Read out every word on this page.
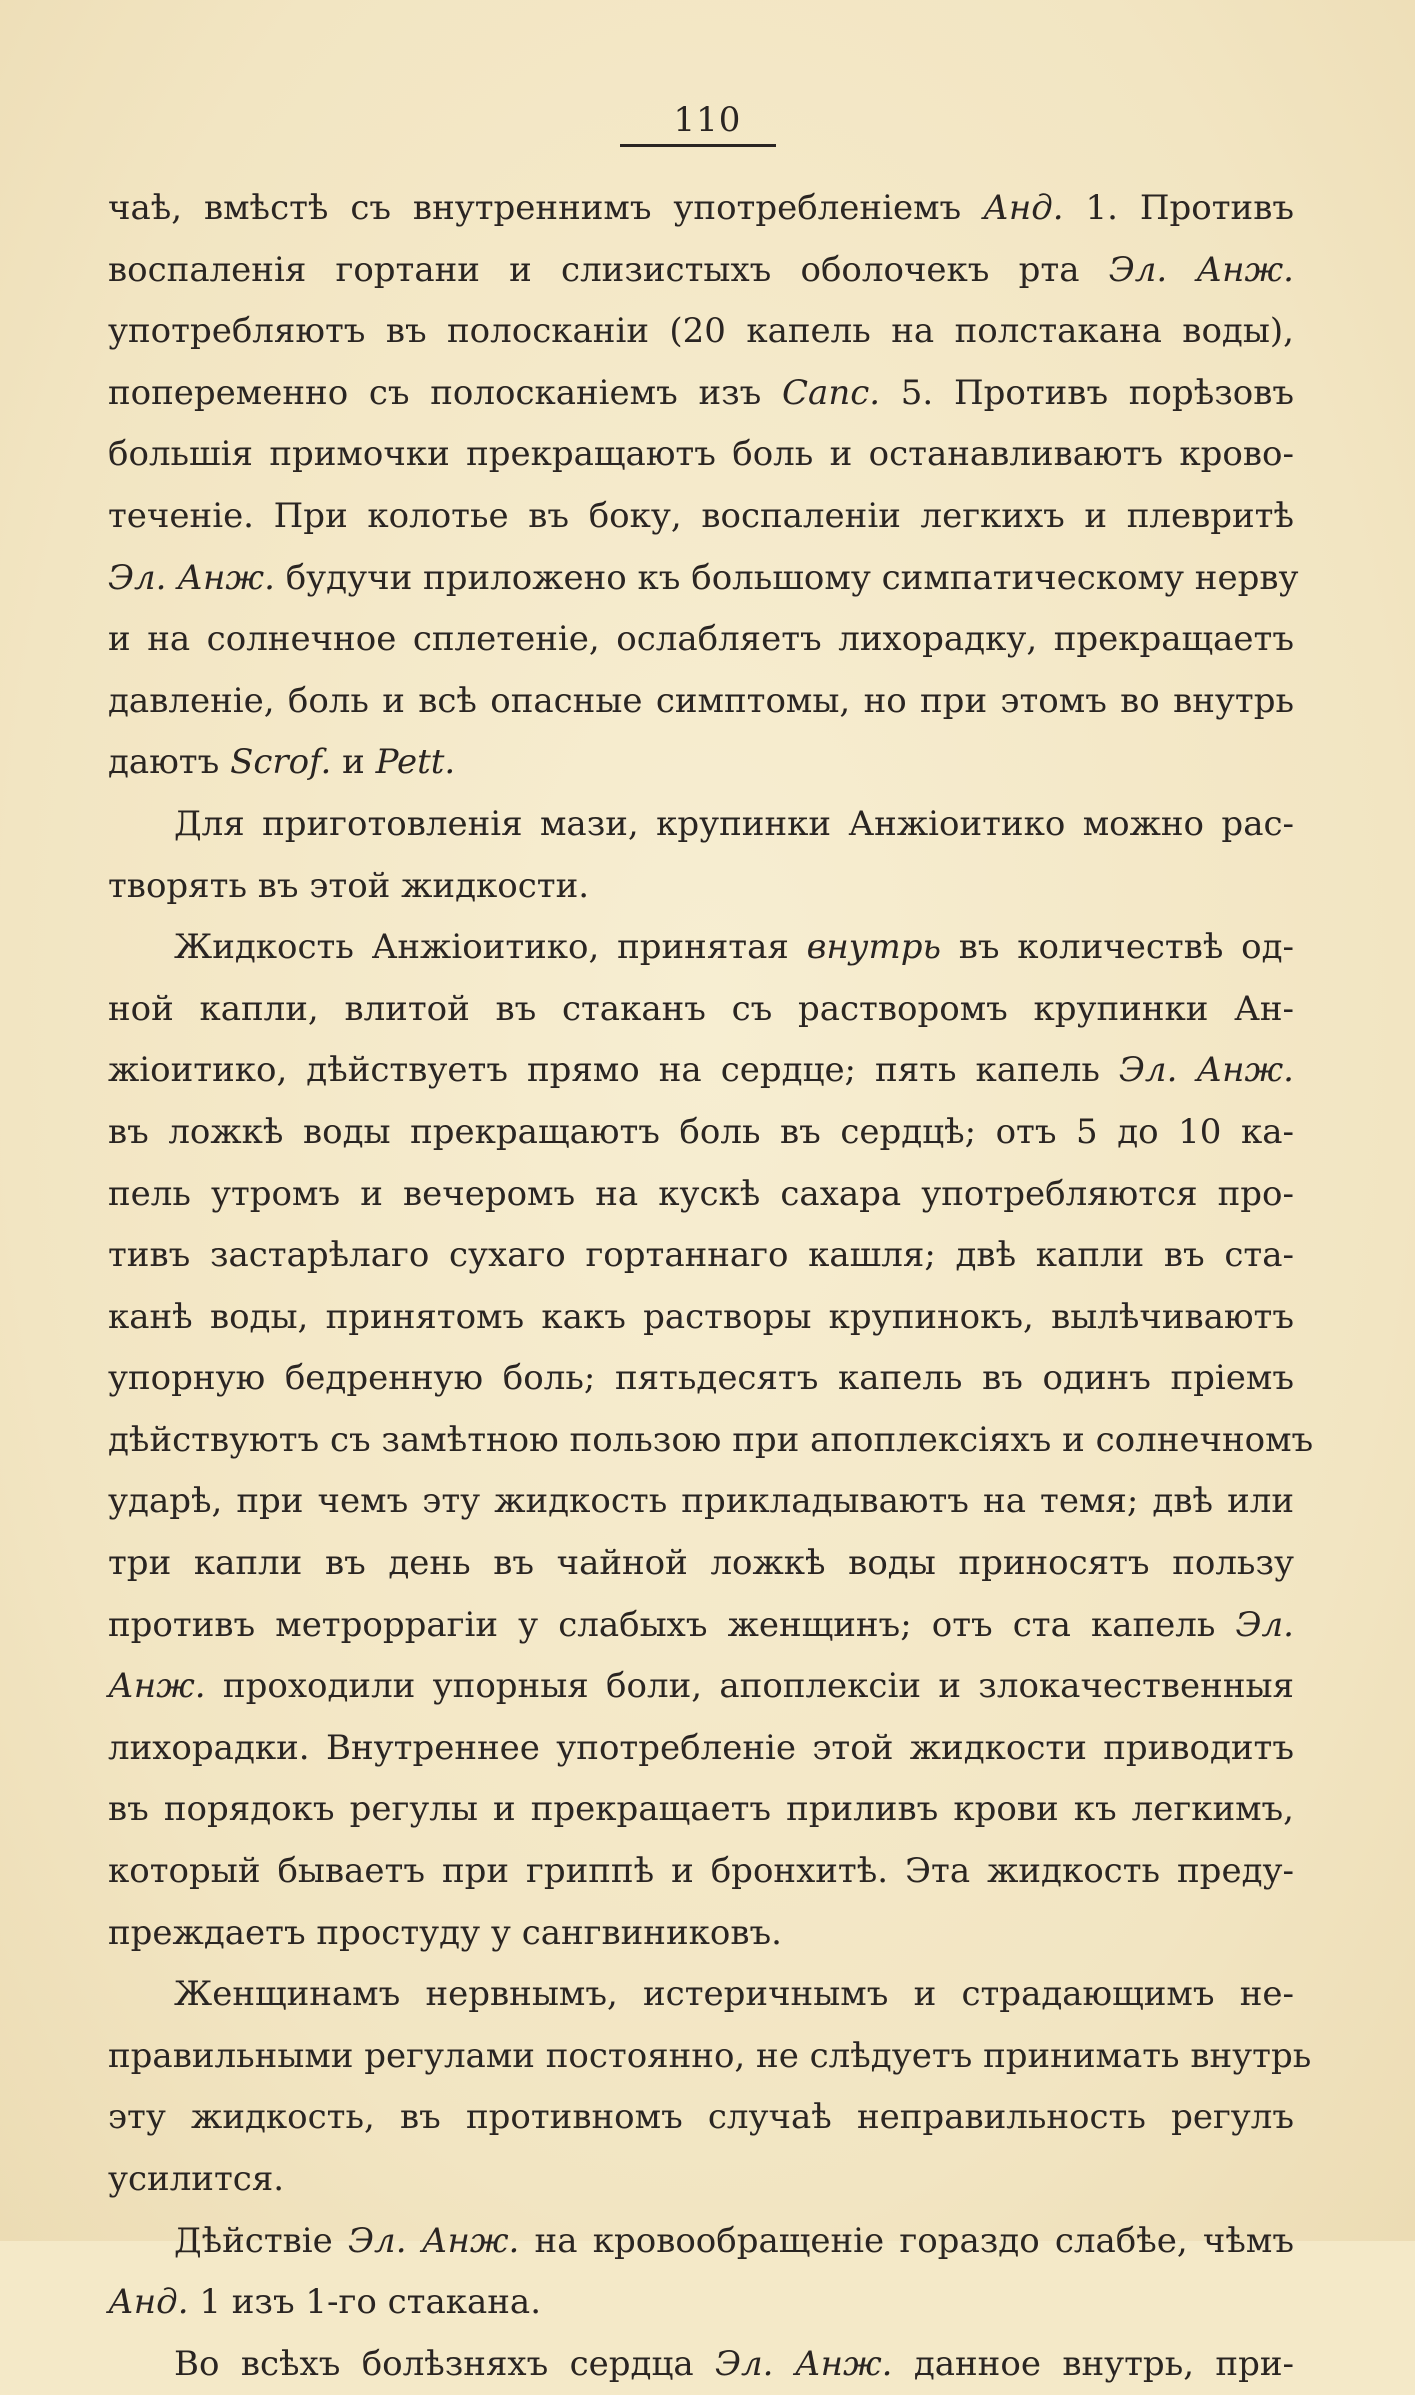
110
чаѣ, вмѣстѣ съ внутреннимъ употребленіемъ Анд. 1. Противъ
воспаленія гортани и слизистыхъ оболочекъ рта Эл. Анж.
употребляютъ въ полосканіи (20 капель на полстакана воды),
попеременно съ полосканіемъ изъ Canс. 5. Противъ порѣзовъ
большія примочки прекращаютъ боль и останавливаютъ крово-
теченіе. При колотье въ боку, воспаленіи легкихъ и плевритѣ
Эл. Анж. будучи приложено къ большому симпатическому нерву
и на солнечное сплетеніе, ослабляетъ лихорадку, прекращаетъ
давленіе, боль и всѣ опасные симптомы, но при этомъ во внутрь
даютъ Scrof. и Pett.
Для приготовленія мази, крупинки Анжіоитико можно рас-
творять въ этой жидкости.
Жидкость Анжіоитико, принятая внутрь въ количествѣ од-
ной капли, влитой въ стаканъ съ растворомъ крупинки Ан-
жіоитико, дѣйствуетъ прямо на сердце; пять капель Эл. Анж.
въ ложкѣ воды прекращаютъ боль въ сердцѣ; отъ 5 до 10 ка-
пель утромъ и вечеромъ на кускѣ сахара употребляются про-
тивъ застарѣлаго сухаго гортаннаго кашля; двѣ капли въ ста-
канѣ воды, принятомъ какъ растворы крупинокъ, вылѣчиваютъ
упорную бедренную боль; пятьдесятъ капель въ одинъ пріемъ
дѣйствуютъ съ замѣтною пользою при апоплексіяхъ и солнечномъ
ударѣ, при чемъ эту жидкость прикладываютъ на темя; двѣ или
три капли въ день въ чайной ложкѣ воды приносятъ пользу
противъ метроррагіи у слабыхъ женщинъ; отъ ста капель Эл.
Анж. проходили упорныя боли, апоплексіи и злокачественныя
лихорадки. Внутреннее употребленіе этой жидкости приводитъ
въ порядокъ регулы и прекращаетъ приливъ крови къ легкимъ,
который бываетъ при гриппѣ и бронхитѣ. Эта жидкость преду-
преждаетъ простуду у сангвиниковъ.
Женщинамъ нервнымъ, истеричнымъ и страдающимъ не-
правильными регулами постоянно, не слѣдуетъ принимать внутрь
эту жидкость, въ противномъ случаѣ неправильность регулъ
усилится.
Дѣйствіе Эл. Анж. на кровообращеніе гораздо слабѣе, чѣмъ
Анд. 1 изъ 1-го стакана.
Во всѣхъ болѣзняхъ сердца Эл. Анж. данное внутрь, при-
